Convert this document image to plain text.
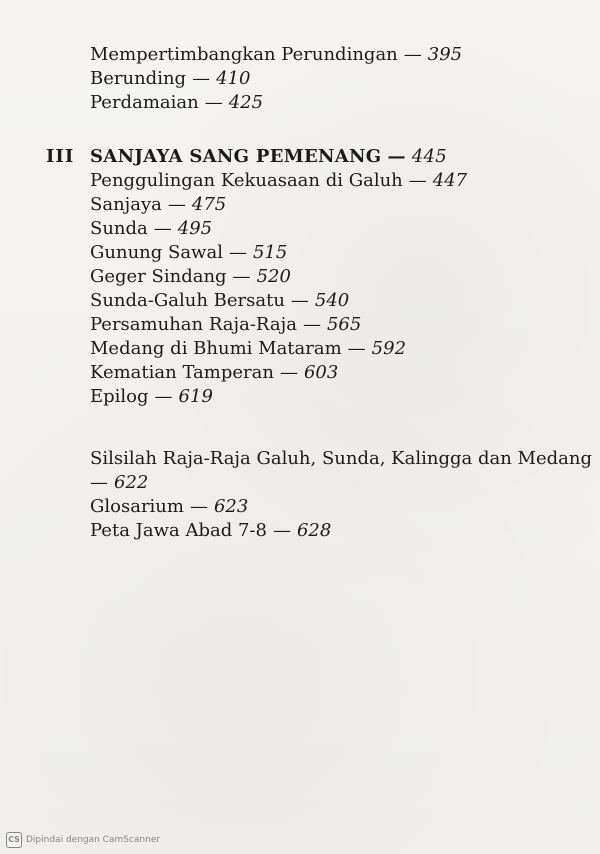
Mempertimbangkan Perundingan — 395
Berunding — 410
Perdamaian — 425
III SANJAYA SANG PEMENANG — 445
Penggulingan Kekuasaan di Galuh — 447
Sanjaya — 475
Sunda — 495
Gunung Sawal — 515
Geger Sindang — 520
Sunda-Galuh Bersatu — 540
Persamuhan Raja-Raja — 565
Medang di Bhumi Mataram — 592
Kematian Tamperan — 603
Epilog — 619
Silsilah Raja-Raja Galuh, Sunda, Kalingga dan Medang
— 622
Glosarium — 623
Peta Jawa Abad 7-8 — 628
CS Dipindai dengan CamScanner
